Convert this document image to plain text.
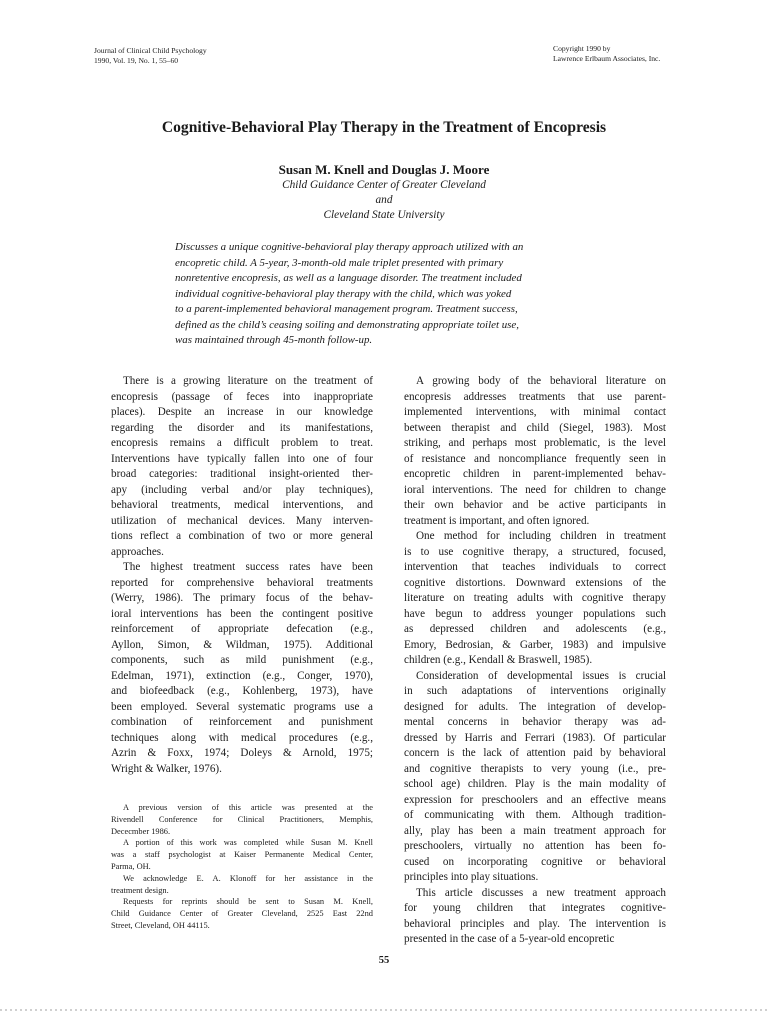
Journal of Clinical Child Psychology
1990, Vol. 19, No. 1, 55–60
Copyright 1990 by
Lawrence Erlbaum Associates, Inc.
Cognitive-Behavioral Play Therapy in the Treatment of Encopresis
Susan M. Knell and Douglas J. Moore
Child Guidance Center of Greater Cleveland
and
Cleveland State University
Discusses a unique cognitive-behavioral play therapy approach utilized with an
encopretic child. A 5-year, 3-month-old male triplet presented with primary
nonretentive encopresis, as well as a language disorder. The treatment included
individual cognitive-behavioral play therapy with the child, which was yoked
to a parent-implemented behavioral management program. Treatment success,
defined as the child’s ceasing soiling and demonstrating appropriate toilet use,
was maintained through 45-month follow-up.
There is a growing literature on the treatment of
encopresis (passage of feces into inappropriate
places). Despite an increase in our knowledge
regarding the disorder and its manifestations,
encopresis remains a difficult problem to treat.
Interventions have typically fallen into one of four
broad categories: traditional insight-oriented ther-
apy (including verbal and/or play techniques),
behavioral treatments, medical interventions, and
utilization of mechanical devices. Many interven-
tions reflect a combination of two or more general
approaches.
The highest treatment success rates have been
reported for comprehensive behavioral treatments
(Werry, 1986). The primary focus of the behav-
ioral interventions has been the contingent positive
reinforcement of appropriate defecation (e.g.,
Ayllon, Simon, & Wildman, 1975). Additional
components, such as mild punishment (e.g.,
Edelman, 1971), extinction (e.g., Conger, 1970),
and biofeedback (e.g., Kohlenberg, 1973), have
been employed. Several systematic programs use a
combination of reinforcement and punishment
techniques along with medical procedures (e.g.,
Azrin & Foxx, 1974; Doleys & Arnold, 1975;
Wright & Walker, 1976).
A growing body of the behavioral literature on
encopresis addresses treatments that use parent-
implemented interventions, with minimal contact
between therapist and child (Siegel, 1983). Most
striking, and perhaps most problematic, is the level
of resistance and noncompliance frequently seen in
encopretic children in parent-implemented behav-
ioral interventions. The need for children to change
their own behavior and be active participants in
treatment is important, and often ignored.
One method for including children in treatment
is to use cognitive therapy, a structured, focused,
intervention that teaches individuals to correct
cognitive distortions. Downward extensions of the
literature on treating adults with cognitive therapy
have begun to address younger populations such
as depressed children and adolescents (e.g.,
Emory, Bedrosian, & Garber, 1983) and impulsive
children (e.g., Kendall & Braswell, 1985).
Consideration of developmental issues is crucial
in such adaptations of interventions originally
designed for adults. The integration of develop-
mental concerns in behavior therapy was ad-
dressed by Harris and Ferrari (1983). Of particular
concern is the lack of attention paid by behavioral
and cognitive therapists to very young (i.e., pre-
school age) children. Play is the main modality of
expression for preschoolers and an effective means
of communicating with them. Although tradition-
ally, play has been a main treatment approach for
preschoolers, virtually no attention has been fo-
cused on incorporating cognitive or behavioral
principles into play situations.
This article discusses a new treatment approach
for young children that integrates cognitive-
behavioral principles and play. The intervention is
presented in the case of a 5-year-old encopretic
A previous version of this article was presented at the
Rivendell Conference for Clinical Practitioners, Memphis,
Dececmber 1986.
A portion of this work was completed while Susan M. Knell
was a staff psychologist at Kaiser Permanente Medical Center,
Parma, OH.
We acknowledge E. A. Klonoff for her assistance in the
treatment design.
Requests for reprints should be sent to Susan M. Knell,
Child Guidance Center of Greater Cleveland, 2525 East 22nd
Street, Cleveland, OH 44115.
55
